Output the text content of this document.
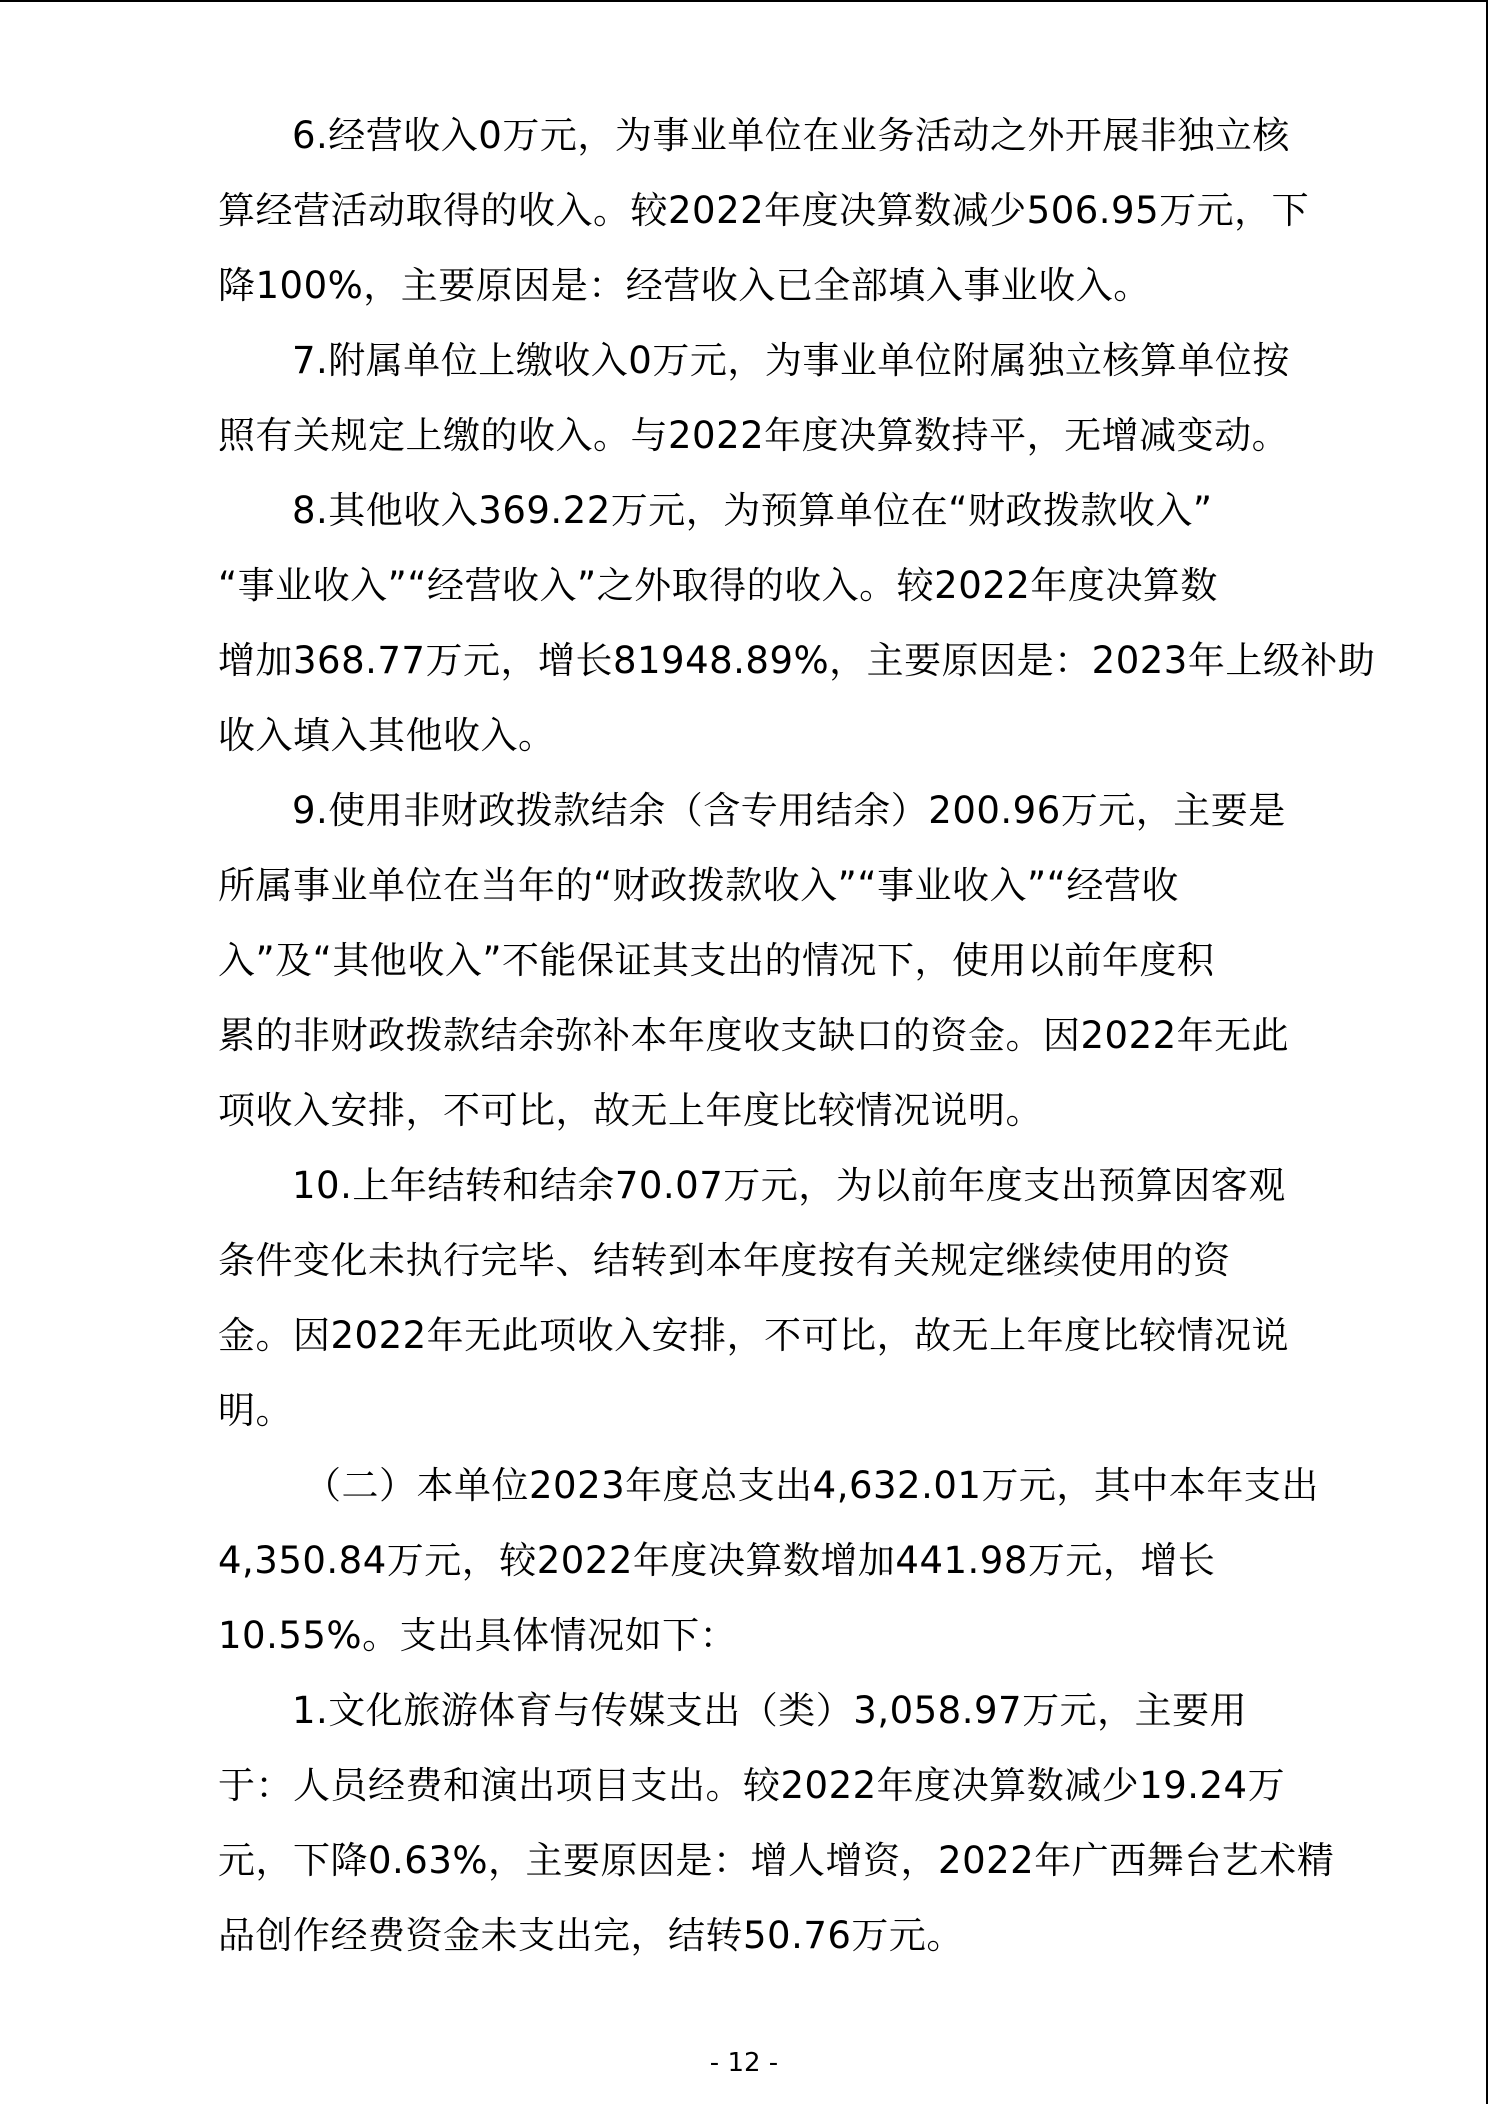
6.经营收入0万元，为事业单位在业务活动之外开展非独立核
算经营活动取得的收入。较2022年度决算数减少506.95万元，下
降100%，主要原因是：经营收入已全部填入事业收入。
7.附属单位上缴收入0万元，为事业单位附属独立核算单位按
照有关规定上缴的收入。与2022年度决算数持平，无增减变动。
8.其他收入369.22万元，为预算单位在“财政拨款收入”
“事业收入”“经营收入”之外取得的收入。较2022年度决算数
增加368.77万元，增长81948.89%，主要原因是：2023年上级补助
收入填入其他收入。
9.使用非财政拨款结余（含专用结余）200.96万元，主要是
所属事业单位在当年的“财政拨款收入”“事业收入”“经营收
入”及“其他收入”不能保证其支出的情况下，使用以前年度积
累的非财政拨款结余弥补本年度收支缺口的资金。因2022年无此
项收入安排，不可比，故无上年度比较情况说明。
10.上年结转和结余70.07万元，为以前年度支出预算因客观
条件变化未执行完毕、结转到本年度按有关规定继续使用的资
金。因2022年无此项收入安排，不可比，故无上年度比较情况说
明。
（二）本单位2023年度总支出4,632.01万元，其中本年支出
4,350.84万元，较2022年度决算数增加441.98万元，增长
10.55%。支出具体情况如下：
1.文化旅游体育与传媒支出（类）3,058.97万元，主要用
于：人员经费和演出项目支出。较2022年度决算数减少19.24万
元，下降0.63%，主要原因是：增人增资，2022年广西舞台艺术精
品创作经费资金未支出完，结转50.76万元。
- 12 -
